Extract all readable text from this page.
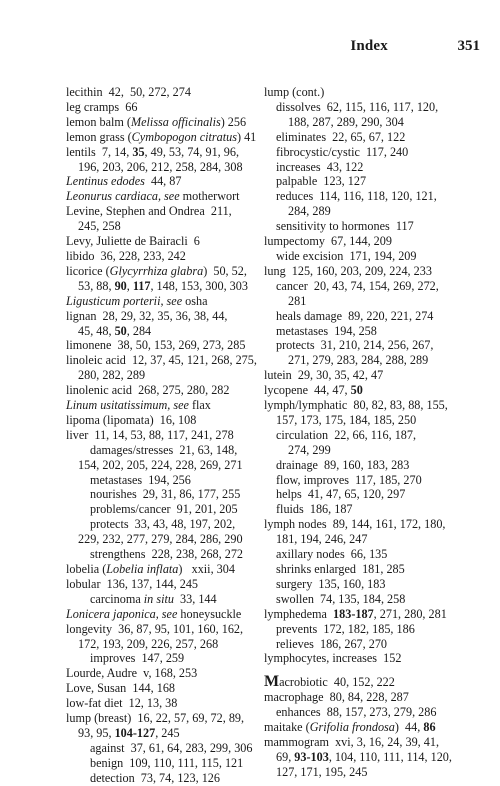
Index	351
lecithin  42,  50, 272, 274
leg cramps  66
lemon balm (Melissa officinalis) 256
lemon grass (Cymbopogon citratus) 41
lentils  7, 14, 35, 49, 53, 74, 91, 96,
196, 203, 206, 212, 258, 284, 308
Lentinus edodes  44, 87
Leonurus cardiaca, see motherwort
Levine, Stephen and Ondrea  211,
245, 258
Levy, Juliette de Bairacli  6
libido  36, 228, 233, 242
licorice (Glycyrrhiza glabra)  50, 52,
53, 88, 90, 117, 148, 153, 300, 303
Ligusticum porterii, see osha
lignan  28, 29, 32, 35, 36, 38, 44,
45, 48, 50, 284
limonene  38, 50, 153, 269, 273, 285
linoleic acid  12, 37, 45, 121, 268, 275,
280, 282, 289
linolenic acid  268, 275, 280, 282
Linum usitatissimum, see flax
lipoma (lipomata)  16, 108
liver  11, 14, 53, 88, 117, 241, 278
damages/stresses  21, 63, 148,
154, 202, 205, 224, 228, 269, 271
metastases  194, 256
nourishes  29, 31, 86, 177, 255
problems/cancer  91, 201, 205
protects  33, 43, 48, 197, 202,
229, 232, 277, 279, 284, 286, 290
strengthens  228, 238, 268, 272
lobelia (Lobelia inflata)   xxii, 304
lobular  136, 137, 144, 245
carcinoma in situ  33, 144
Lonicera japonica, see honeysuckle
longevity  36, 87, 95, 101, 160, 162,
172, 193, 209, 226, 257, 268
improves  147, 259
Lourde, Audre  v, 168, 253
Love, Susan  144, 168
low-fat diet  12, 13, 38
lump (breast)  16, 22, 57, 69, 72, 89,
93, 95, 104-127, 245
against  37, 61, 64, 283, 299, 306
benign  109, 110, 111, 115, 121
detection  73, 74, 123, 126
lump (cont.)
dissolves  62, 115, 116, 117, 120,
188, 287, 289, 290, 304
eliminates  22, 65, 67, 122
fibrocystic/cystic  117, 240
increases  43, 122
palpable  123, 127
reduces  114, 116, 118, 120, 121,
284, 289
sensitivity to hormones  117
lumpectomy  67, 144, 209
wide excision  171, 194, 209
lung  125, 160, 203, 209, 224, 233
cancer  20, 43, 74, 154, 269, 272,
281
heals damage  89, 220, 221, 274
metastases  194, 258
protects  31, 210, 214, 256, 267,
271, 279, 283, 284, 288, 289
lutein  29, 30, 35, 42, 47
lycopene  44, 47, 50
lymph/lymphatic  80, 82, 83, 88, 155,
157, 173, 175, 184, 185, 250
circulation  22, 66, 116, 187,
274, 299
drainage  89, 160, 183, 283
flow, improves  117, 185, 270
helps  41, 47, 65, 120, 297
fluids  186, 187
lymph nodes  89, 144, 161, 172, 180,
181, 194, 246, 247
axillary nodes  66, 135
shrinks enlarged  181, 285
surgery  135, 160, 183
swollen  74, 135, 184, 258
lymphedema  183-187, 271, 280, 281
prevents  172, 182, 185, 186
relieves  186, 267, 270
lymphocytes, increases  152
Macrobiotic  40, 152, 222
macrophage  80, 84, 228, 287
enhances  88, 157, 273, 279, 286
maitake (Grifolia frondosa)  44, 86
mammogram  xvi, 3, 16, 24, 39, 41,
69, 93-103, 104, 110, 111, 114, 120,
127, 171, 195, 245
